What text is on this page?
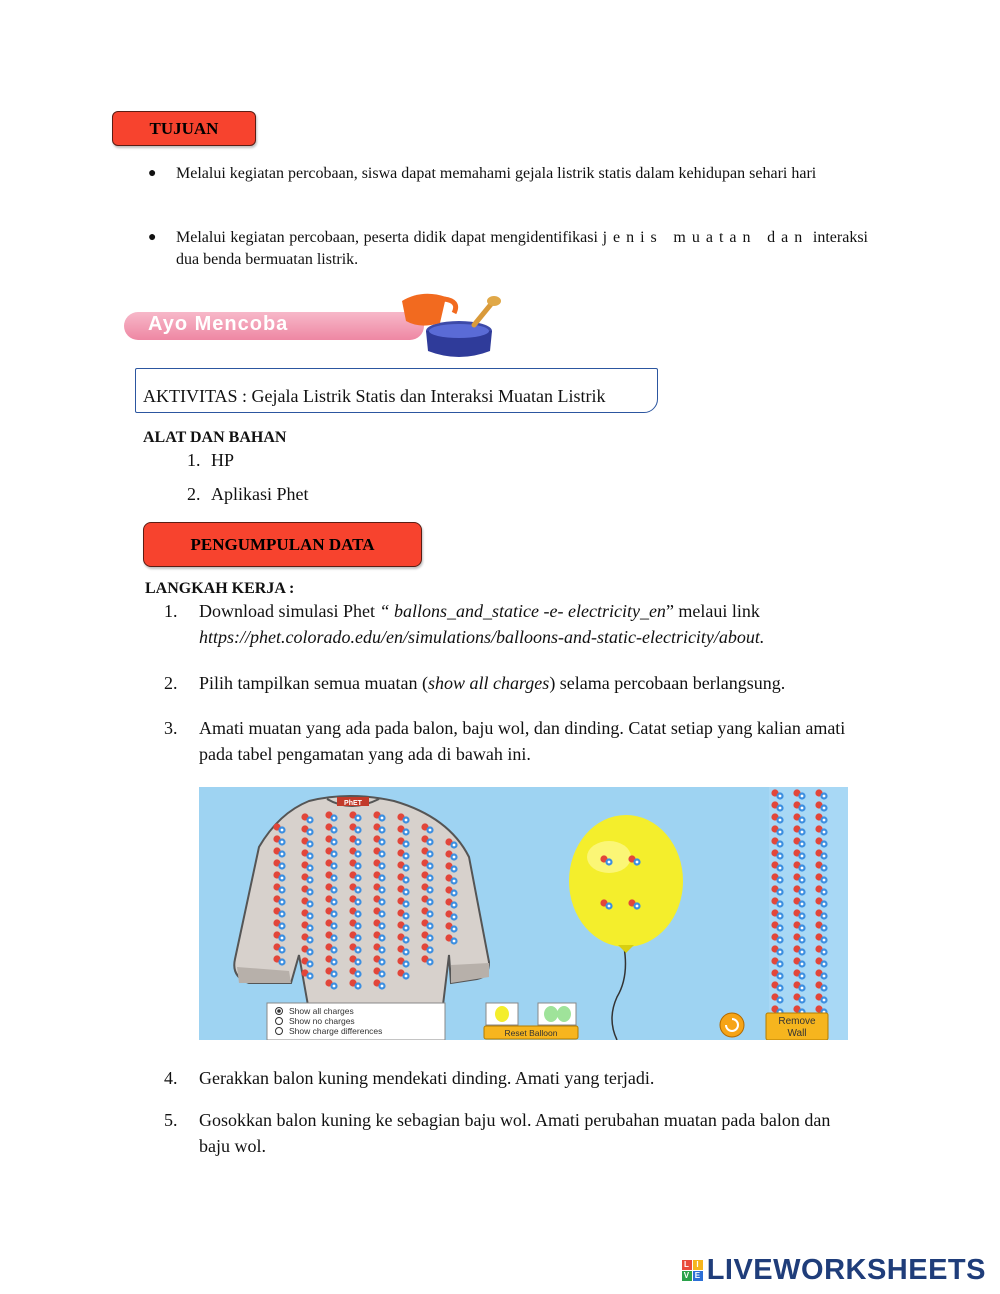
TUJUAN
●	Melalui kegiatan percobaan, siswa dapat memahami gejala listrik statis dalam kehidupan sehari hari
●	Melalui kegiatan percobaan, peserta didik dapat mengidentifikasi jenis muatan dan interaksi dua benda bermuatan listrik.
Ayo Mencoba
AKTIVITAS : Gejala Listrik Statis dan Interaksi Muatan Listrik
ALAT DAN BAHAN
1. HP
2. Aplikasi Phet
PENGUMPULAN DATA
LANGKAH KERJA :
1.	Download simulasi Phet “ ballons_and_statice -e- electricity_en” melaui link
https://phet.colorado.edu/en/simulations/balloons-and-static-electricity/about.
2.	Pilih tampilkan semua muatan (show all charges) selama percobaan berlangsung.
3.	Amati muatan yang ada pada balon, baju wol, dan dinding. Catat setiap yang kalian amati pada tabel pengamatan yang ada di bawah ini.
PhET
Show all charges
Show no charges
Show charge differences	Reset Balloon
Remove
Wall
4.	Gerakkan balon kuning mendekati dinding. Amati yang terjadi.
5.	Gosokkan balon kuning ke sebagian baju wol. Amati perubahan muatan pada balon dan baju wol.
L I
V E LIVEWORKSHEETS
